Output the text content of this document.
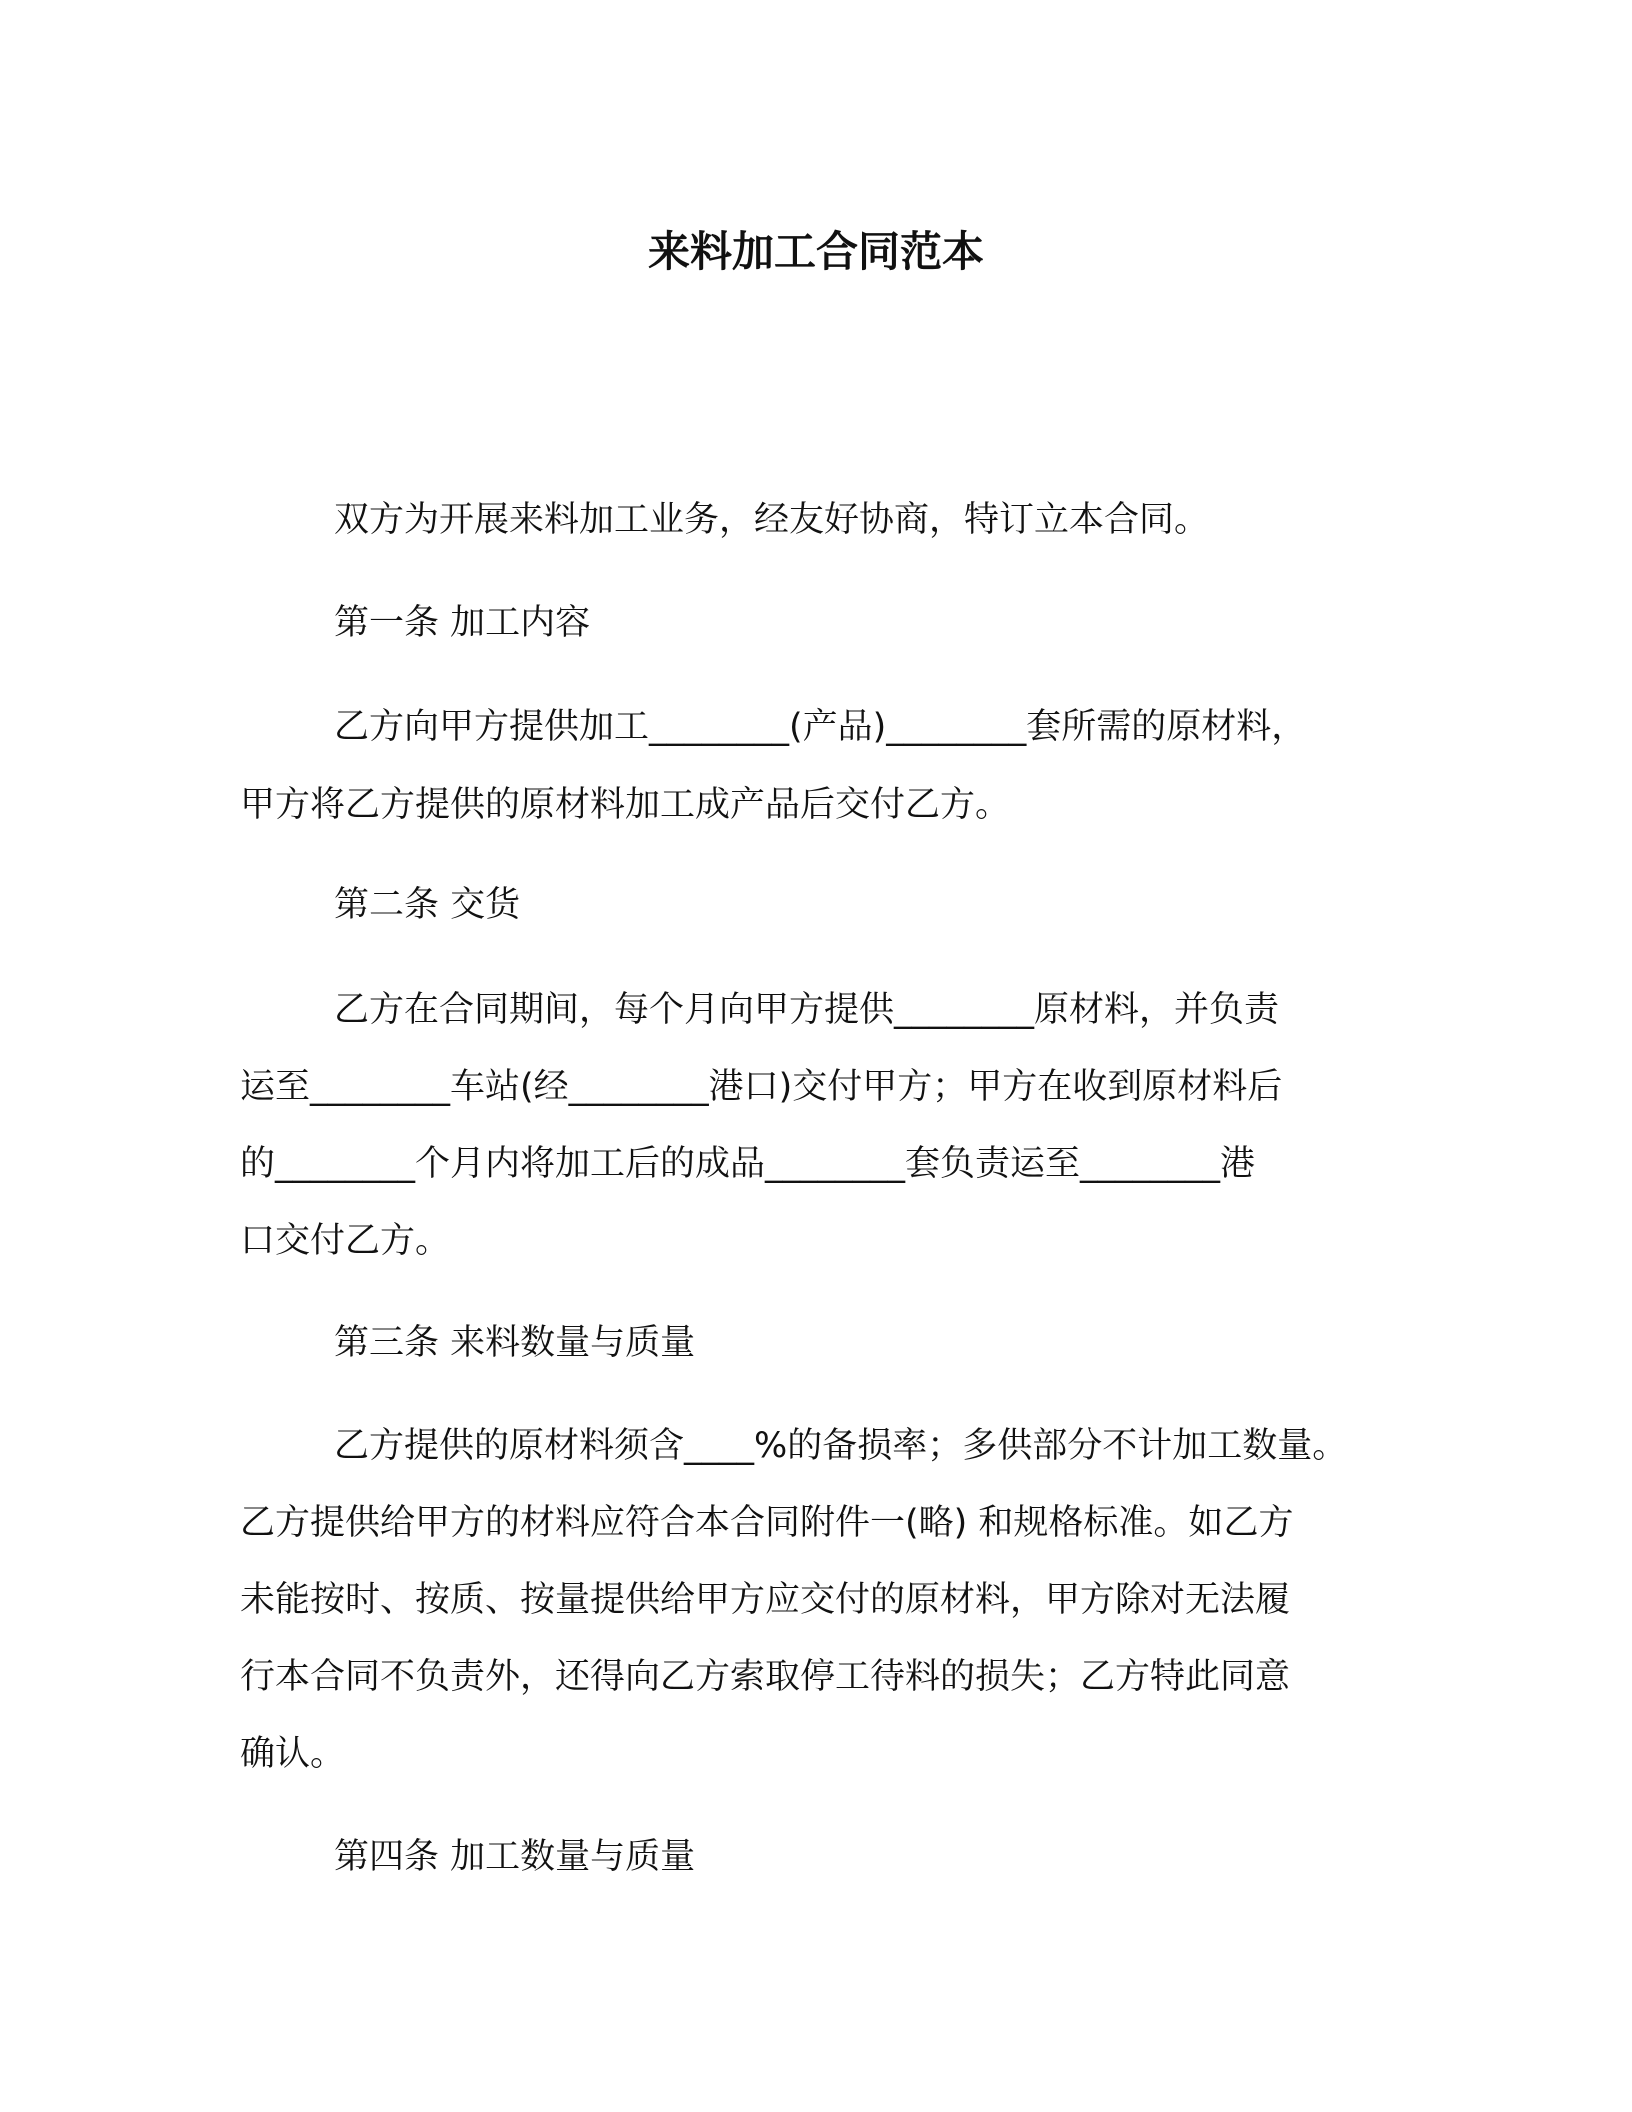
来料加工合同范本
双方为开展来料加工业务，经友好协商，特订立本合同。
第一条 加工内容
乙方向甲方提供加工________(产品)________套所需的原材料，
甲方将乙方提供的原材料加工成产品后交付乙方。
第二条 交货
乙方在合同期间，每个月向甲方提供________原材料，并负责
运至________车站(经________港口)交付甲方；甲方在收到原材料后
的________个月内将加工后的成品________套负责运至________港
口交付乙方。
第三条 来料数量与质量
乙方提供的原材料须含____%的备损率；多供部分不计加工数量。
乙方提供给甲方的材料应符合本合同附件一(略) 和规格标准。如乙方
未能按时、按质、按量提供给甲方应交付的原材料，甲方除对无法履
行本合同不负责外，还得向乙方索取停工待料的损失；乙方特此同意
确认。
第四条 加工数量与质量
